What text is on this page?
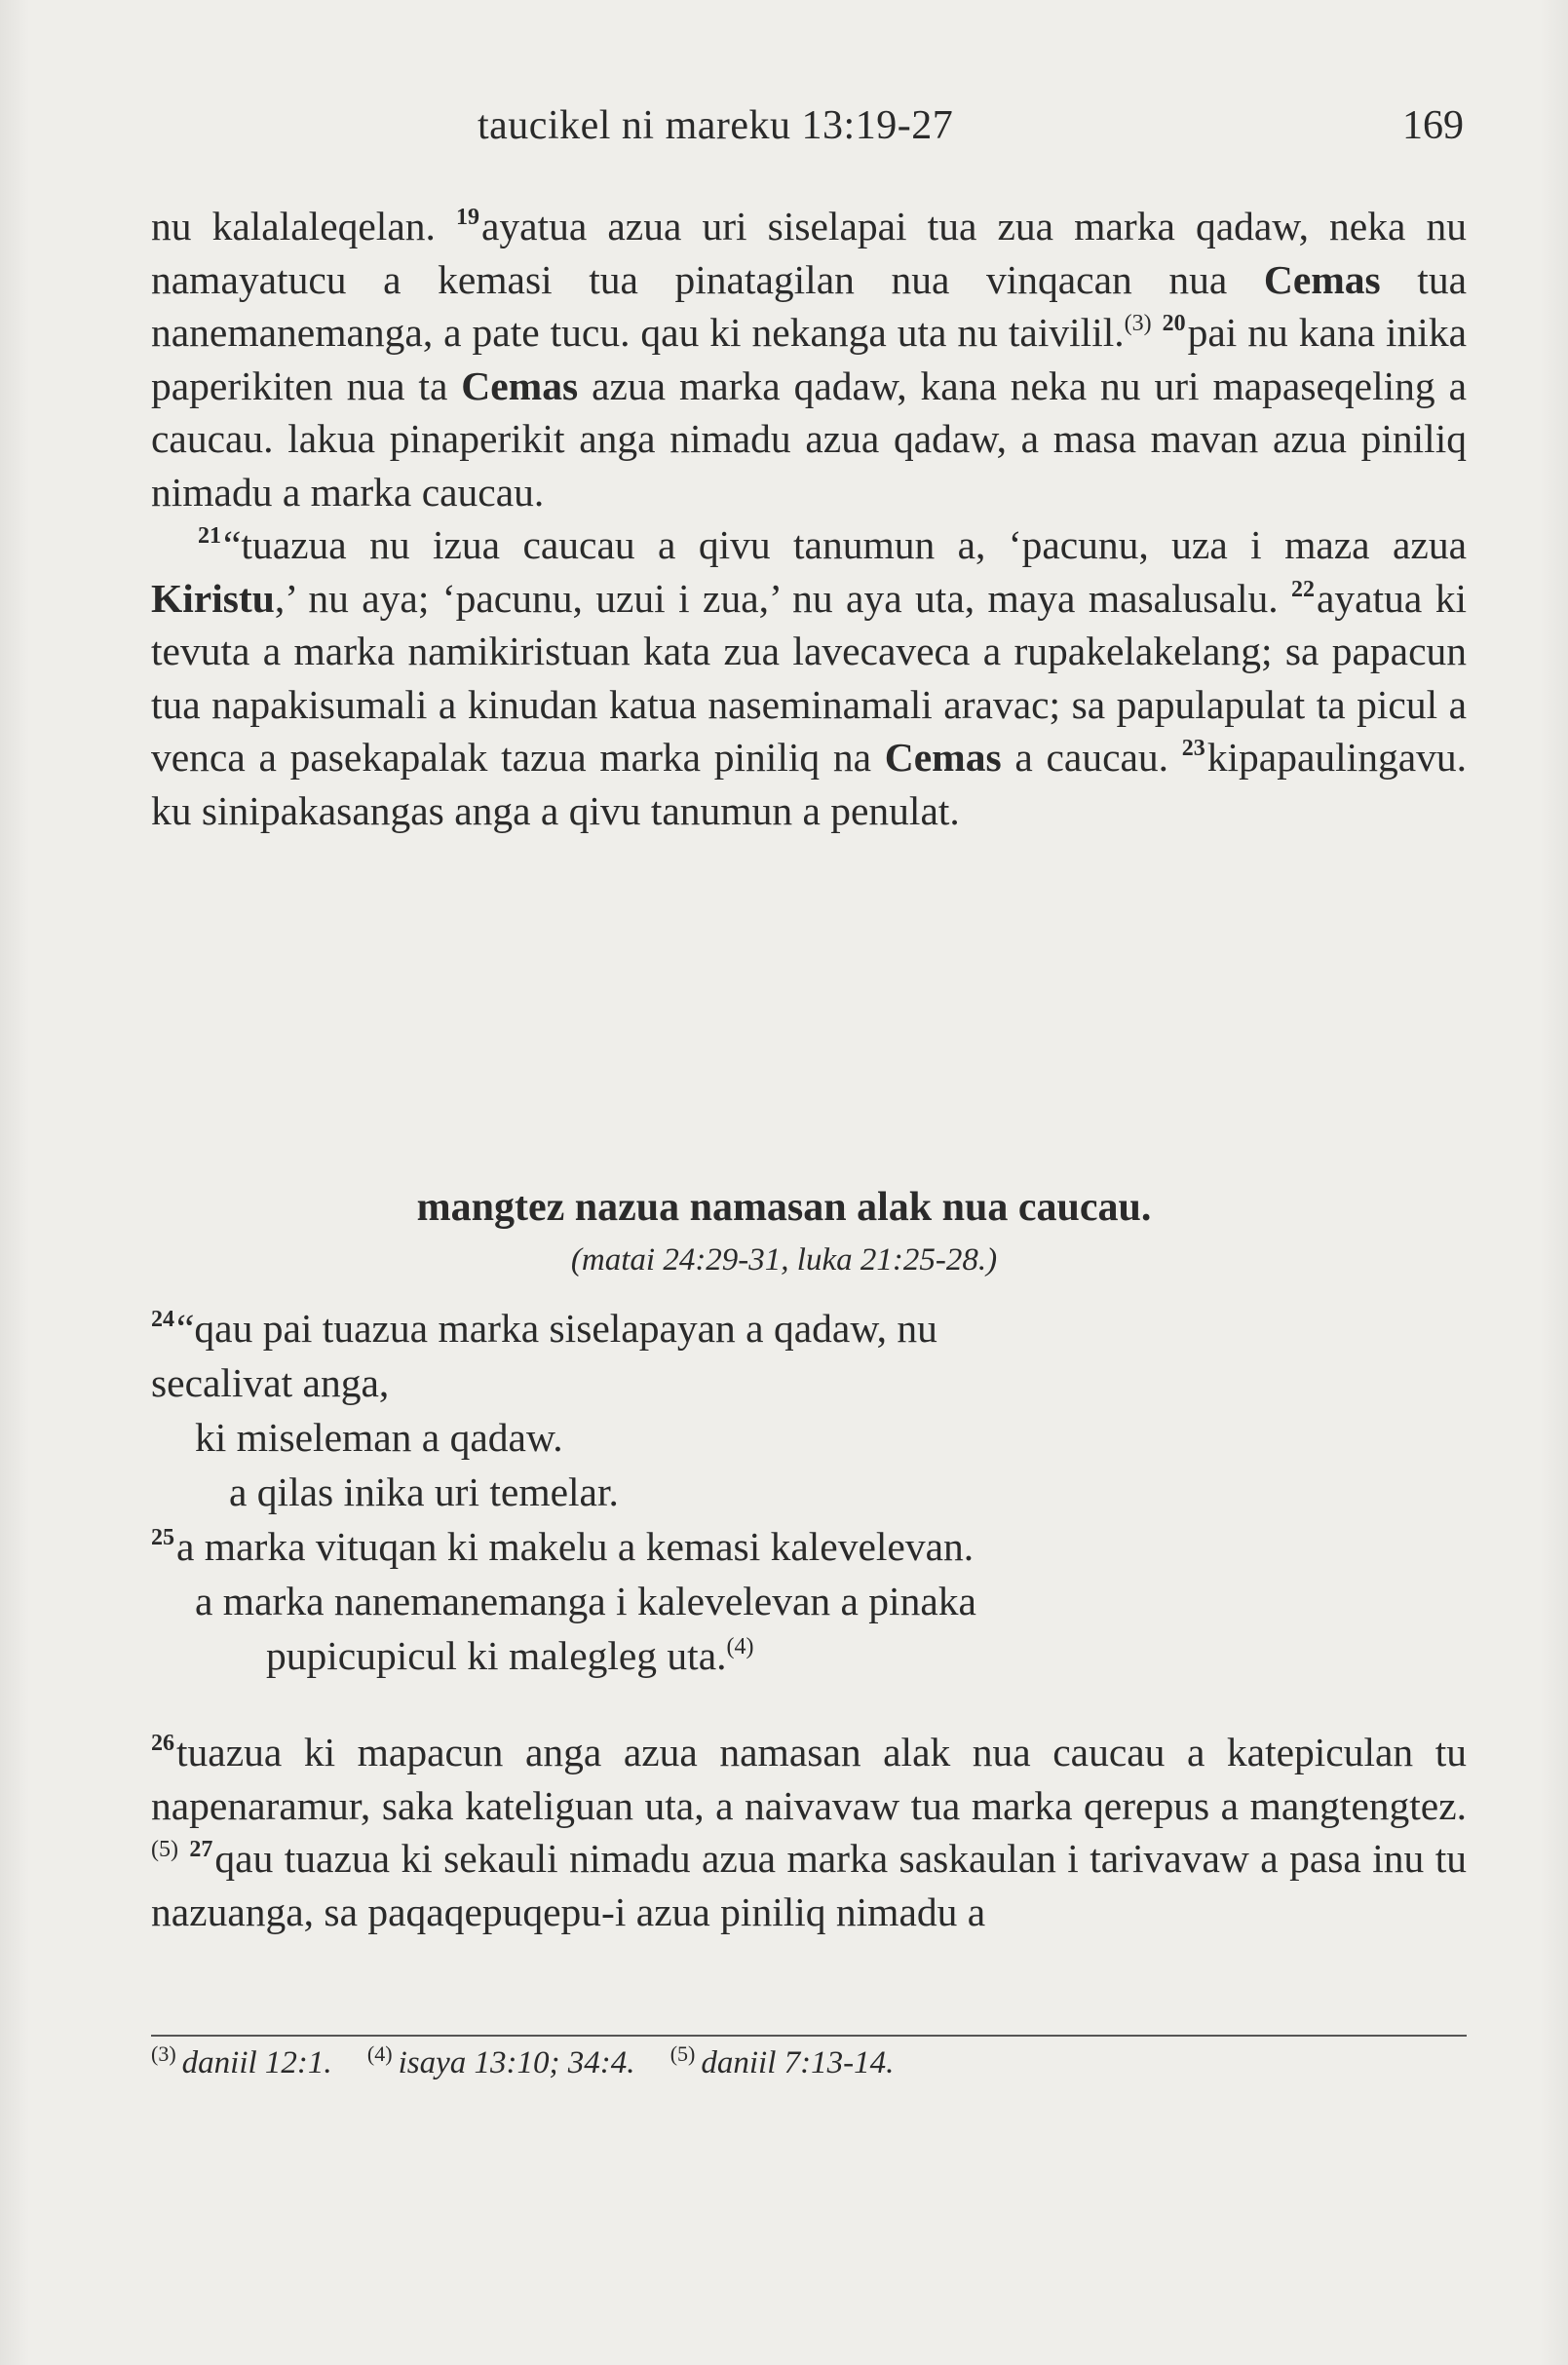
taucikel ni mareku 13:19-27	169

nu kalalaleqelan. $^{19}$ayatua azua uri siselapai tua zua marka qadaw, neka nu namayatucu a kemasi tua pinatagilan nua vinqacan nua Cemas tua nanemanemanga, a pate tucu. qau ki nekanga uta nu taivilil.$^{(3)}$ $^{20}$pai nu kana inika paperikiten nua ta Cemas azua marka qadaw, kana neka nu uri mapaseqeling a caucau. lakua pinaperikit anga nimadu azua qadaw, a masa mavan azua piniliq nimadu a marka caucau.

$^{21}$“tuazua nu izua caucau a qivu tanumun a, ‘pacunu, uza i maza azua Kiristu,’ nu aya; ‘pacunu, uzui i zua,’ nu aya uta, maya masalusalu. $^{22}$ayatua ki tevuta a marka namikiristuan kata zua lavecaveca a rupakelakelang; sa papacun tua napakisumali a kinudan katua naseminamali aravac; sa papulapulat ta picul a venca a pasekapalak tazua marka piniliq na Cemas a caucau. $^{23}$kipapaulingavu. ku sinipakasangas anga a qivu tanumun a penulat.

mangtez nazua namasan alak nua caucau.
(matai 24:29-31, luka 21:25-28.)
$^{24}$“qau pai tuazua marka siselapayan a qadaw, nu
secalivat anga,
ki miseleman a qadaw.
a qilas inika uri temelar.
$^{25}$a marka vituqan ki makelu a kemasi kalevelevan.
a marka nanemanemanga i kalevelevan a pinaka
pupicupicul ki malegleg uta.$^{(4)}$

$^{26}$tuazua ki mapacun anga azua namasan alak nua caucau a katepiculan tu napenaramur, saka kateliguan uta, a naivavaw tua marka qerepus a mangtengtez.$^{(5)}$ $^{27}$qau tuazua ki sekauli nimadu azua marka saskaulan i tarivavaw a pasa inu tu nazuanga, sa paqaqepuqepu-i azua piniliq nimadu a

$^{(3)}$ daniil 12:1. $^{(4)}$ isaya 13:10; 34:4. $^{(5)}$ daniil 7:13-14.
